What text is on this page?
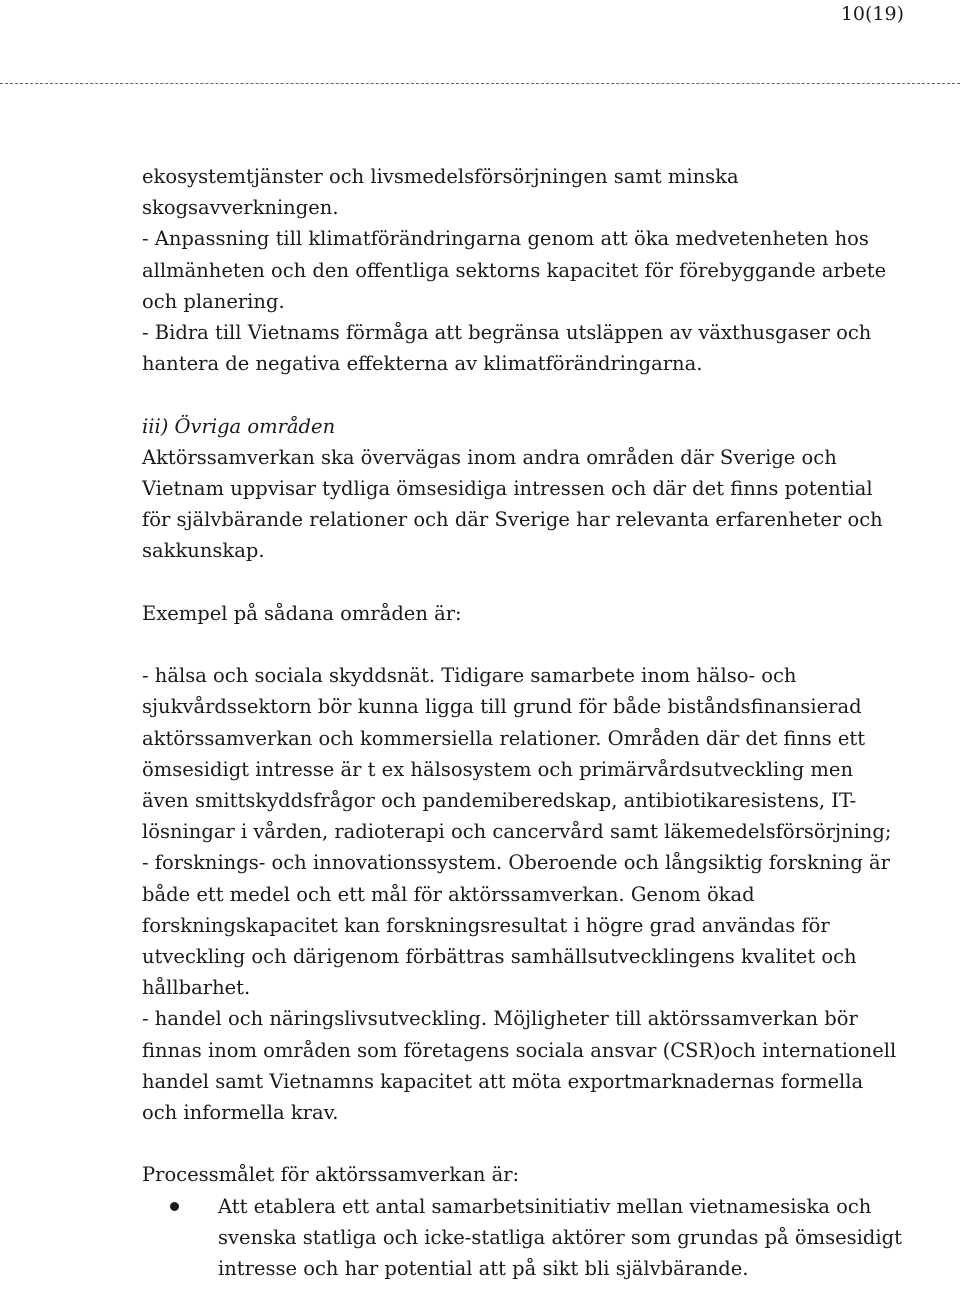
10(19)

ekosystemtjänster och livsmedelsförsörjningen samt minska skogsavverkningen.

- Anpassning till klimatförändringarna genom att öka medvetenheten hos allmänheten och den offentliga sektorns kapacitet för förebyggande arbete och planering.

- Bidra till Vietnams förmåga att begränsa utsläppen av växthusgaser och hantera de negativa effekterna av klimatförändringarna.

iii) Övriga områden

Aktörssamverkan ska övervägas inom andra områden där Sverige och Vietnam uppvisar tydliga ömsesidiga intressen och där det finns potential för självbärande relationer och där Sverige har relevanta erfarenheter och sakkunskap.

Exempel på sådana områden är:

- hälsa och sociala skyddsnät. Tidigare samarbete inom hälso- och sjukvårdssektorn bör kunna ligga till grund för både biståndsfinansierad aktörssamverkan och kommersiella relationer. Områden där det finns ett ömsesidigt intresse är t ex hälsosystem och primärvårdsutveckling men även smittskyddsfrågor och pandemiberedskap, antibiotikaresistens, IT-lösningar i vården, radioterapi och cancervård samt läkemedelsförsörjning;

- forsknings- och innovationssystem. Oberoende och långsiktig forskning är både ett medel och ett mål för aktörssamverkan. Genom ökad forskningskapacitet kan forskningsresultat i högre grad användas för utveckling och därigenom förbättras samhällsutvecklingens kvalitet och hållbarhet.

- handel och näringslivsutveckling. Möjligheter till aktörssamverkan bör finnas inom områden som företagens sociala ansvar (CSR)och internationell handel samt Vietnamns kapacitet att möta exportmarknadernas formella och informella krav.

Processmålet för aktörssamverkan är:

Att etablera ett antal samarbetsinitiativ mellan vietnamesiska och svenska statliga och icke-statliga aktörer som grundas på ömsesidigt intresse och har potential att på sikt bli självbärande.
